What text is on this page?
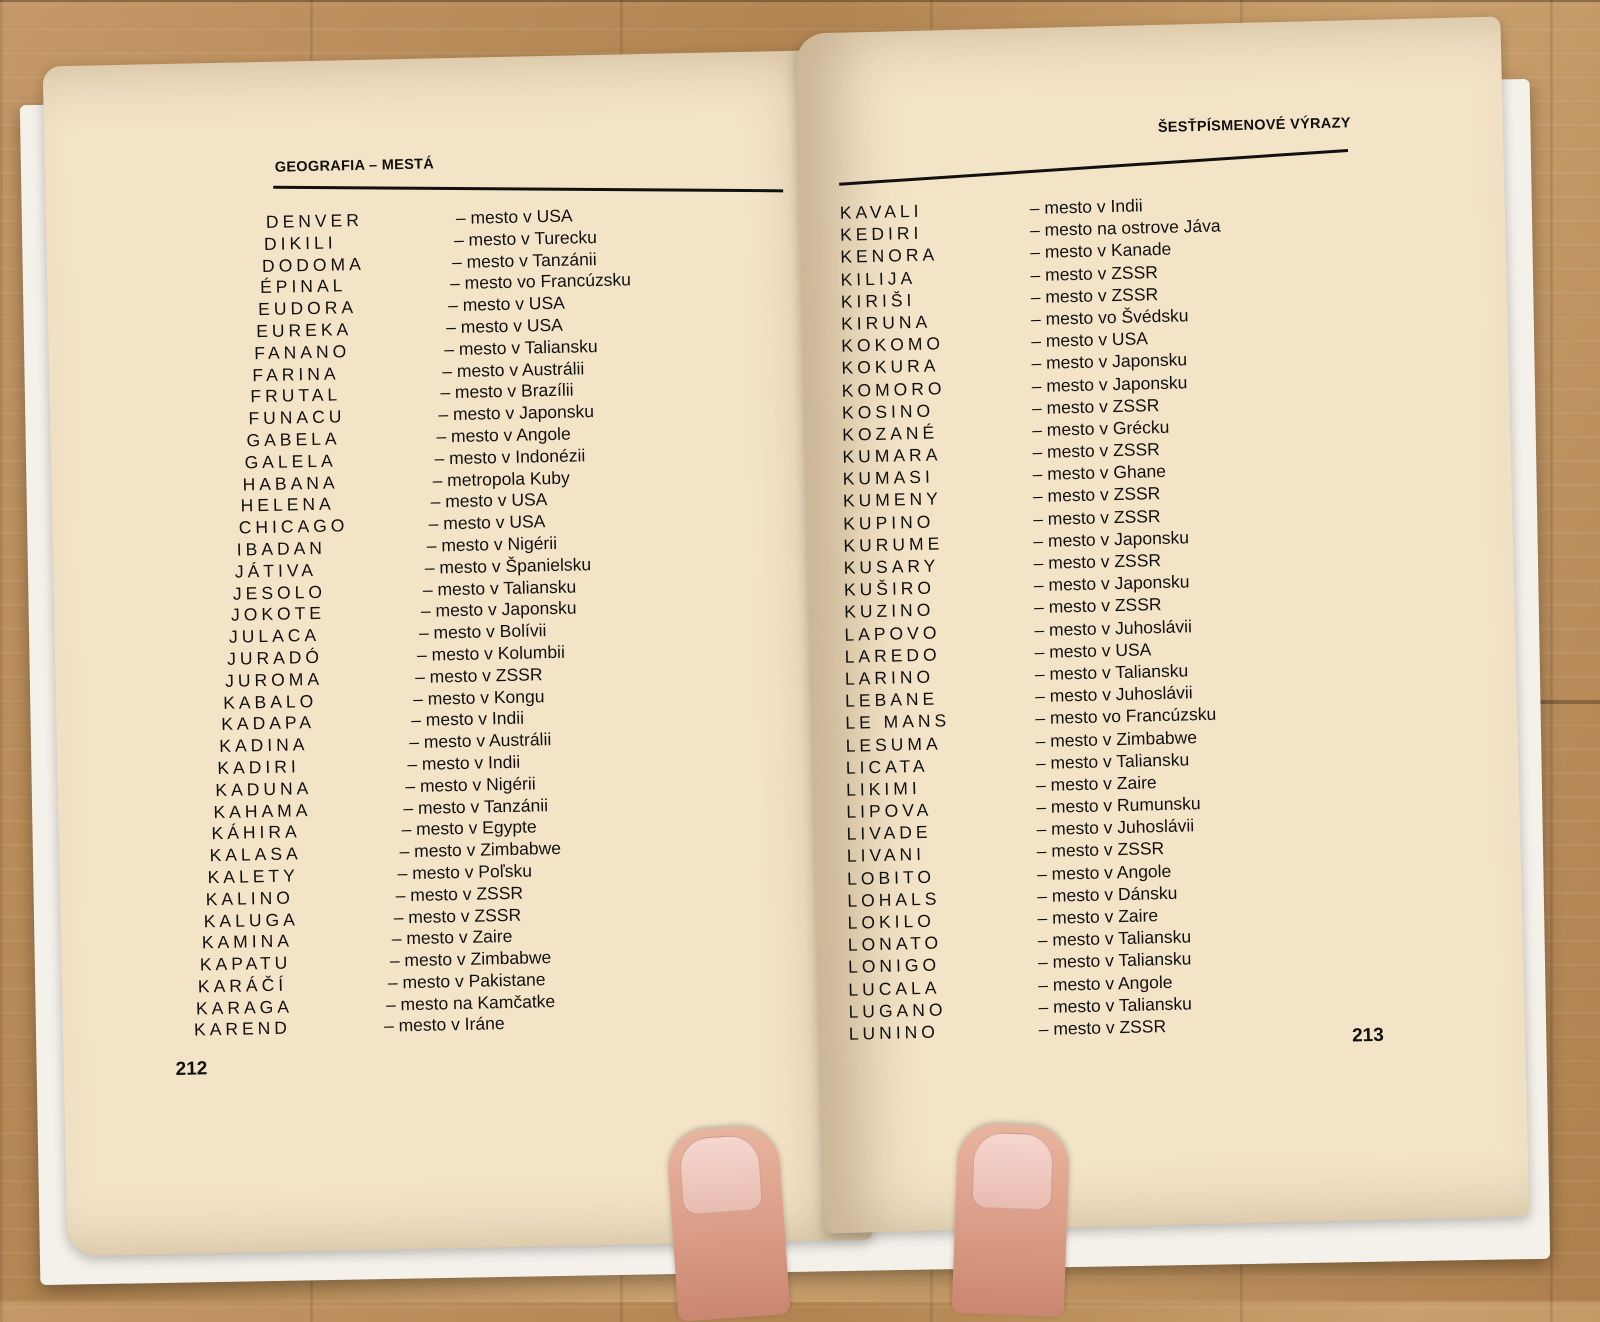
GEOGRAFIA – MESTÁ
DENVER	– mesto v USA
DIKILI	– mesto v Turecku
DODOMA	– mesto v Tanzánii
ÉPINAL	– mesto vo Francúzsku
EUDORA	– mesto v USA
EUREKA	– mesto v USA
FANANO	– mesto v Taliansku
FARINA	– mesto v Austrálii
FRUTAL	– mesto v Brazílii
FUNACU	– mesto v Japonsku
GABELA	– mesto v Angole
GALELA	– mesto v Indonézii
HABANA	– metropola Kuby
HELENA	– mesto v USA
CHICAGO	– mesto v USA
IBADAN	– mesto v Nigérii
JÁTIVA	– mesto v Španielsku
JESOLO	– mesto v Taliansku
JOKOTE	– mesto v Japonsku
JULACA	– mesto v Bolívii
JURADÓ	– mesto v Kolumbii
JUROMA	– mesto v ZSSR
KABALO	– mesto v Kongu
KADAPA	– mesto v Indii
KADINA	– mesto v Austrálii
KADIRI	– mesto v Indii
KADUNA	– mesto v Nigérii
KAHAMA	– mesto v Tanzánii
KÁHIRA	– mesto v Egypte
KALASA	– mesto v Zimbabwe
KALETY	– mesto v Poľsku
KALINO	– mesto v ZSSR
KALUGA	– mesto v ZSSR
KAMINA	– mesto v Zaire
KAPATU	– mesto v Zimbabwe
KARÁČÍ	– mesto v Pakistane
KARAGA	– mesto na Kamčatke
KAREND	– mesto v Iráne
212
ŠESŤPÍSMENOVÉ VÝRAZY
KAVALI	– mesto v Indii
KEDIRI	– mesto na ostrove Jáva
KENORA	– mesto v Kanade
KILIJA	– mesto v ZSSR
KIRIŠI	– mesto v ZSSR
KIRUNA	– mesto vo Švédsku
KOKOMO	– mesto v USA
KOKURA	– mesto v Japonsku
KOMORO	– mesto v Japonsku
KOSINO	– mesto v ZSSR
KOZANÉ	– mesto v Grécku
KUMARA	– mesto v ZSSR
KUMASI	– mesto v Ghane
KUMENY	– mesto v ZSSR
KUPINO	– mesto v ZSSR
KURUME	– mesto v Japonsku
KUSARY	– mesto v ZSSR
KUŠIRO	– mesto v Japonsku
KUZINO	– mesto v ZSSR
LAPOVO	– mesto v Juhoslávii
LAREDO	– mesto v USA
LARINO	– mesto v Taliansku
LEBANE	– mesto v Juhoslávii
LE MANS	– mesto vo Francúzsku
LESUMA	– mesto v Zimbabwe
LICATA	– mesto v Taliansku
LIKIMI	– mesto v Zaire
LIPOVA	– mesto v Rumunsku
LIVADE	– mesto v Juhoslávii
LIVANI	– mesto v ZSSR
LOBITO	– mesto v Angole
LOHALS	– mesto v Dánsku
LOKILO	– mesto v Zaire
LONATO	– mesto v Taliansku
LONIGO	– mesto v Taliansku
LUCALA	– mesto v Angole
LUGANO	– mesto v Taliansku
LUNINO	– mesto v ZSSR	213
